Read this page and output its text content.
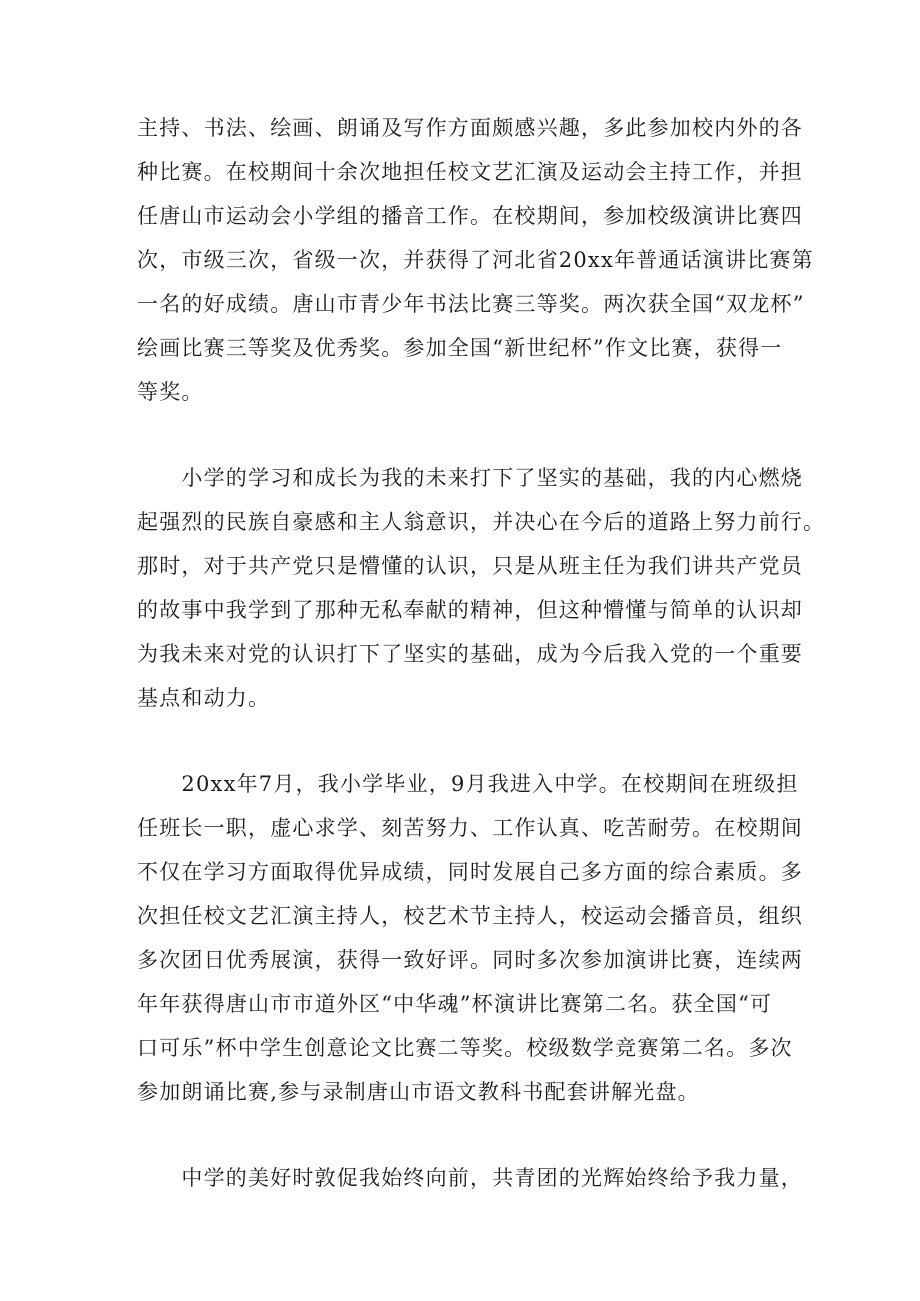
主持、书法、绘画、朗诵及写作方面颇感兴趣，多此参加校内外的各
种比赛。在校期间十余次地担任校文艺汇演及运动会主持工作，并担
任唐山市运动会小学组的播音工作。在校期间，参加校级演讲比赛四
次，市级三次，省级一次，并获得了河北省20xx年普通话演讲比赛第
一名的好成绩。唐山市青少年书法比赛三等奖。两次获全国“双龙杯”
绘画比赛三等奖及优秀奖。参加全国“新世纪杯”作文比赛，获得一
等奖。
　　小学的学习和成长为我的未来打下了坚实的基础，我的内心燃烧
起强烈的民族自豪感和主人翁意识，并决心在今后的道路上努力前行。
那时，对于共产党只是懵懂的认识，只是从班主任为我们讲共产党员
的故事中我学到了那种无私奉献的精神，但这种懵懂与简单的认识却
为我未来对党的认识打下了坚实的基础，成为今后我入党的一个重要
基点和动力。
　　20xx年7月，我小学毕业，9月我进入中学。在校期间在班级担
任班长一职，虚心求学、刻苦努力、工作认真、吃苦耐劳。在校期间
不仅在学习方面取得优异成绩，同时发展自己多方面的综合素质。多
次担任校文艺汇演主持人，校艺术节主持人，校运动会播音员，组织
多次团日优秀展演，获得一致好评。同时多次参加演讲比赛，连续两
年年获得唐山市市道外区“中华魂”杯演讲比赛第二名。获全国“可
口可乐”杯中学生创意论文比赛二等奖。校级数学竞赛第二名。多次
参加朗诵比赛,参与录制唐山市语文教科书配套讲解光盘。
　　中学的美好时敦促我始终向前，共青团的光辉始终给予我力量，
